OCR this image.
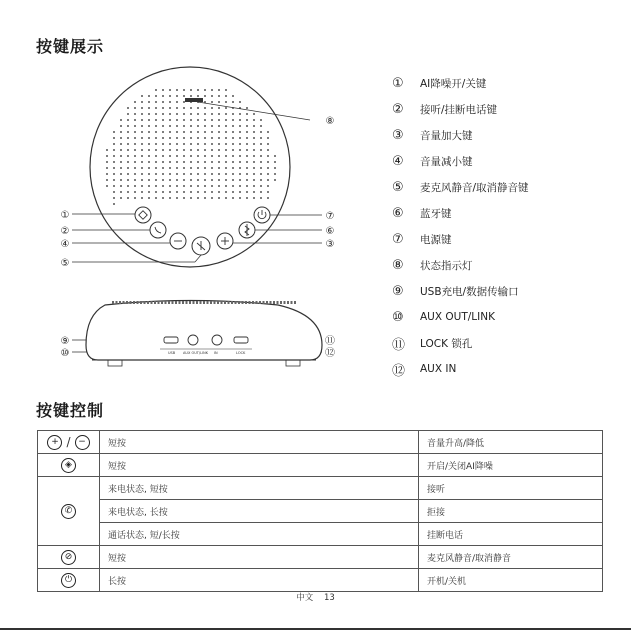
按键展示
USB AUX OUT/LINK IN	LOCK
①
②
④
⑤
⑧
⑦
⑥
③
⑨
⑩
⑪
⑫
①	AI降噪开/关键
②	接听/挂断电话键
③	音量加大键
④	音量减小键
⑤	麦克风静音/取消静音键
⑥	蓝牙键
⑦	电源键
⑧	状态指示灯
⑨	USB充电/数据传输口
⑩	AUX OUT/LINK
⑪	LOCK 锁孔
⑫	AUX IN
按键控制
+ / −	短按	音量升高/降低
◈	短按	开启/关闭AI降噪
✆	来电状态, 短按	接听
	来电状态, 长按	拒接
	通话状态, 短/长按	挂断电话
⊘	短按	麦克风静音/取消静音
⏻	长按	开机/关机
中文 13
